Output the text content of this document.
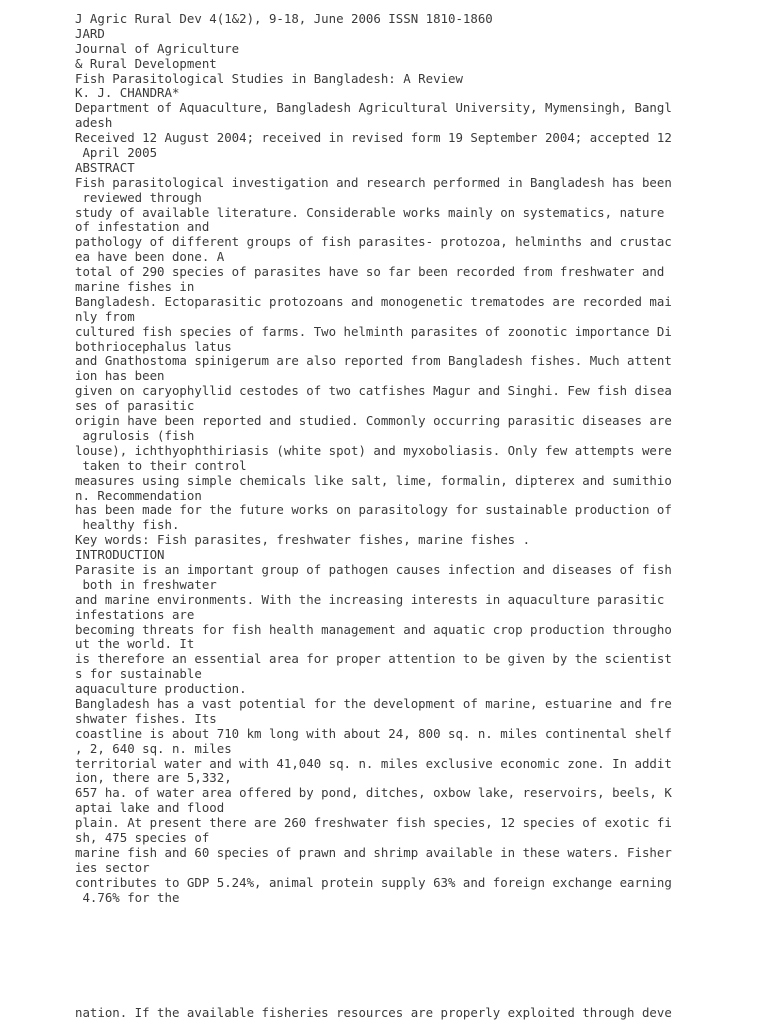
J Agric Rural Dev 4(1&2), 9-18, June 2006 ISSN 1810-1860
JARD
Journal of Agriculture
& Rural Development
Fish Parasitological Studies in Bangladesh: A Review
K. J. CHANDRA*
Department of Aquaculture, Bangladesh Agricultural University, Mymensingh, Bangl
adesh
Received 12 August 2004; received in revised form 19 September 2004; accepted 12
April 2005
ABSTRACT
Fish parasitological investigation and research performed in Bangladesh has been
reviewed through
study of available literature. Considerable works mainly on systematics, nature
of infestation and
pathology of different groups of fish parasites- protozoa, helminths and crustac
ea have been done. A
total of 290 species of parasites have so far been recorded from freshwater and
marine fishes in
Bangladesh. Ectoparasitic protozoans and monogenetic trematodes are recorded mai
nly from
cultured fish species of farms. Two helminth parasites of zoonotic importance Di
bothriocephalus latus
and Gnathostoma spinigerum are also reported from Bangladesh fishes. Much attent
ion has been
given on caryophyllid cestodes of two catfishes Magur and Singhi. Few fish disea
ses of parasitic
origin have been reported and studied. Commonly occurring parasitic diseases are
agrulosis (fish
louse), ichthyophthiriasis (white spot) and myxoboliasis. Only few attempts were
taken to their control
measures using simple chemicals like salt, lime, formalin, dipterex and sumithio
n. Recommendation
has been made for the future works on parasitology for sustainable production of
healthy fish.
Key words: Fish parasites, freshwater fishes, marine fishes .
INTRODUCTION
Parasite is an important group of pathogen causes infection and diseases of fish
both in freshwater
and marine environments. With the increasing interests in aquaculture parasitic
infestations are
becoming threats for fish health management and aquatic crop production througho
ut the world. It
is therefore an essential area for proper attention to be given by the scientist
s for sustainable
aquaculture production.
Bangladesh has a vast potential for the development of marine, estuarine and fre
shwater fishes. Its
coastline is about 710 km long with about 24, 800 sq. n. miles continental shelf
, 2, 640 sq. n. miles
territorial water and with 41,040 sq. n. miles exclusive economic zone. In addit
ion, there are 5,332,
657 ha. of water area offered by pond, ditches, oxbow lake, reservoirs, beels, K
aptai lake and flood
plain. At present there are 260 freshwater fish species, 12 species of exotic fi
sh, 475 species of
marine fish and 60 species of prawn and shrimp available in these waters. Fisher
ies sector
contributes to GDP 5.24%, animal protein supply 63% and foreign exchange earning
4.76% for the
nation. If the available fisheries resources are properly exploited through deve
